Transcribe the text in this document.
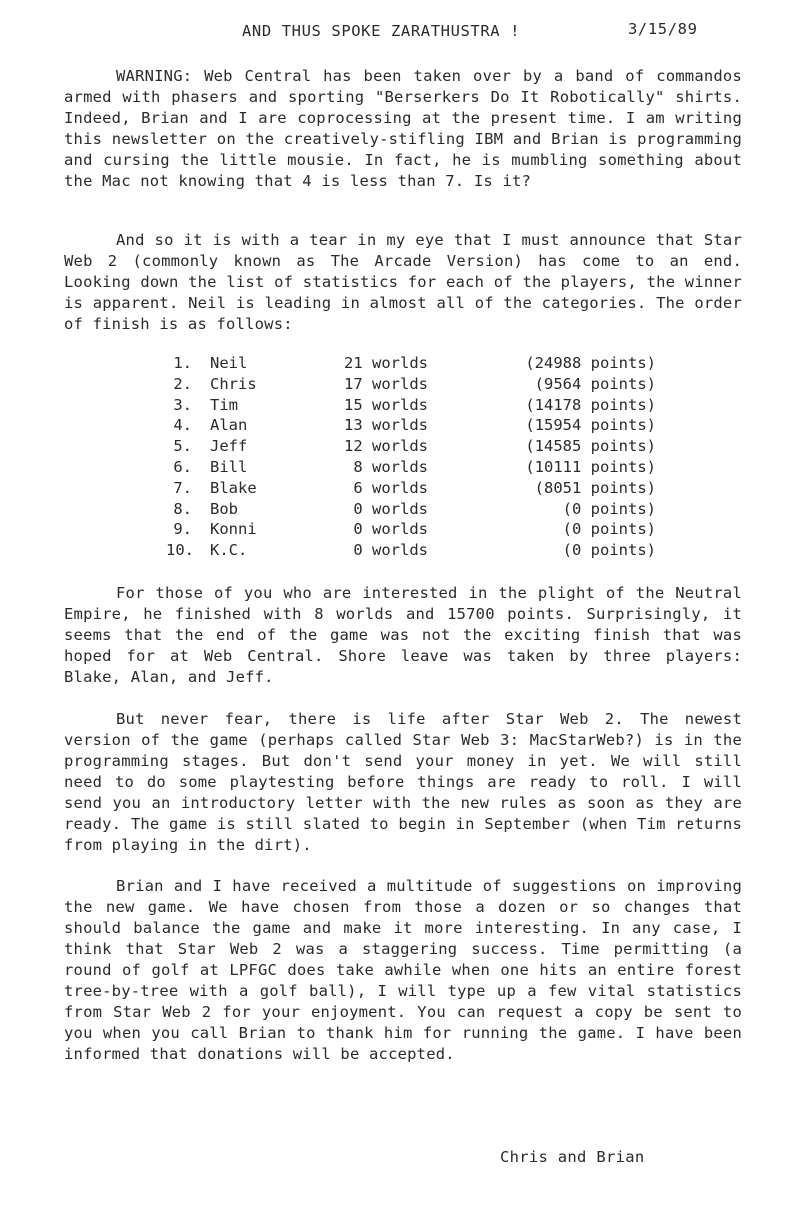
AND THUS SPOKE ZARATHUSTRA !	3/15/89
WARNING: Web Central has been taken over by a band of commandos armed with phasers and sporting "Berserkers Do It Robotically" shirts. Indeed, Brian and I are coprocessing at the present time. I am writing this newsletter on the creatively-stifling IBM and Brian is programming and cursing the little mousie. In fact, he is mumbling something about the Mac not knowing that 4 is less than 7. Is it?
And so it is with a tear in my eye that I must announce that Star Web 2 (commonly known as The Arcade Version) has come to an end. Looking down the list of statistics for each of the players, the winner is apparent. Neil is leading in almost all of the categories. The order of finish is as follows:
1. Neil	21 worlds	(24988 points)
2. Chris	17 worlds	(9564 points)
3. Tim	15 worlds	(14178 points)
4. Alan	13 worlds	(15954 points)
5. Jeff	12 worlds	(14585 points)
6. Bill	8 worlds	(10111 points)
7. Blake	6 worlds	(8051 points)
8. Bob	0 worlds	(0 points)
9. Konni	0 worlds	(0 points)
10. K.C.	0 worlds	(0 points)
For those of you who are interested in the plight of the Neutral Empire, he finished with 8 worlds and 15700 points. Surprisingly, it seems that the end of the game was not the exciting finish that was hoped for at Web Central. Shore leave was taken by three players: Blake, Alan, and Jeff.
But never fear, there is life after Star Web 2. The newest version of the game (perhaps called Star Web 3: MacStarWeb?) is in the programming stages. But don't send your money in yet. We will still need to do some playtesting before things are ready to roll. I will send you an introductory letter with the new rules as soon as they are ready. The game is still slated to begin in September (when Tim returns from playing in the dirt).
Brian and I have received a multitude of suggestions on improving the new game. We have chosen from those a dozen or so changes that should balance the game and make it more interesting. In any case, I think that Star Web 2 was a staggering success. Time permitting (a round of golf at LPFGC does take awhile when one hits an entire forest tree-by-tree with a golf ball), I will type up a few vital statistics from Star Web 2 for your enjoyment. You can request a copy be sent to you when you call Brian to thank him for running the game. I have been informed that donations will be accepted.
Chris and Brian
